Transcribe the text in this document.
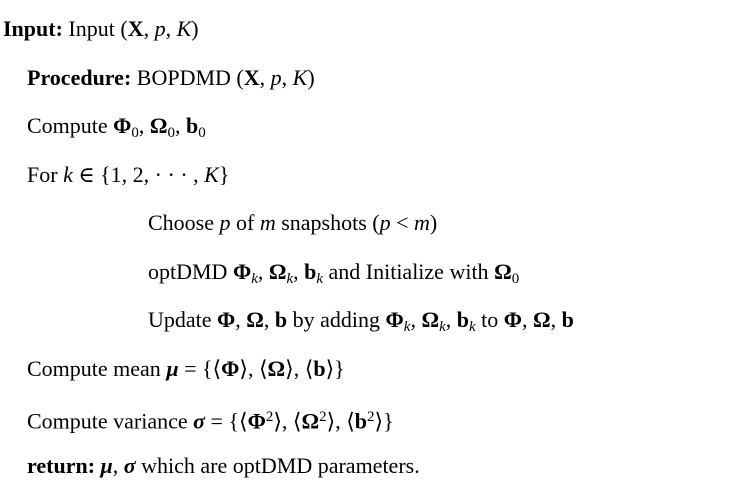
Input: Input (X, p, K)
Procedure: BOPDMD (X, p, K)
Compute $\Phi_0$, $\Omega_0$, $b_0$
For k ∈ {1, 2, · · · , K}
Choose p of m snapshots (p < m)
optDMD Φk, Ωk, bk and Initialize with $\Omega_0$
Update Φ, Ω, b by adding Φk, Ωk, bk to Φ, Ω, b
Compute mean μ = {⟨Φ⟩, ⟨Ω⟩, ⟨b⟩}
Compute variance $\sigma = \{⟨\Phi^2⟩$, $⟨\Omega^2⟩$, $⟨b^2⟩$}
return: μ, σ which are optDMD parameters.
